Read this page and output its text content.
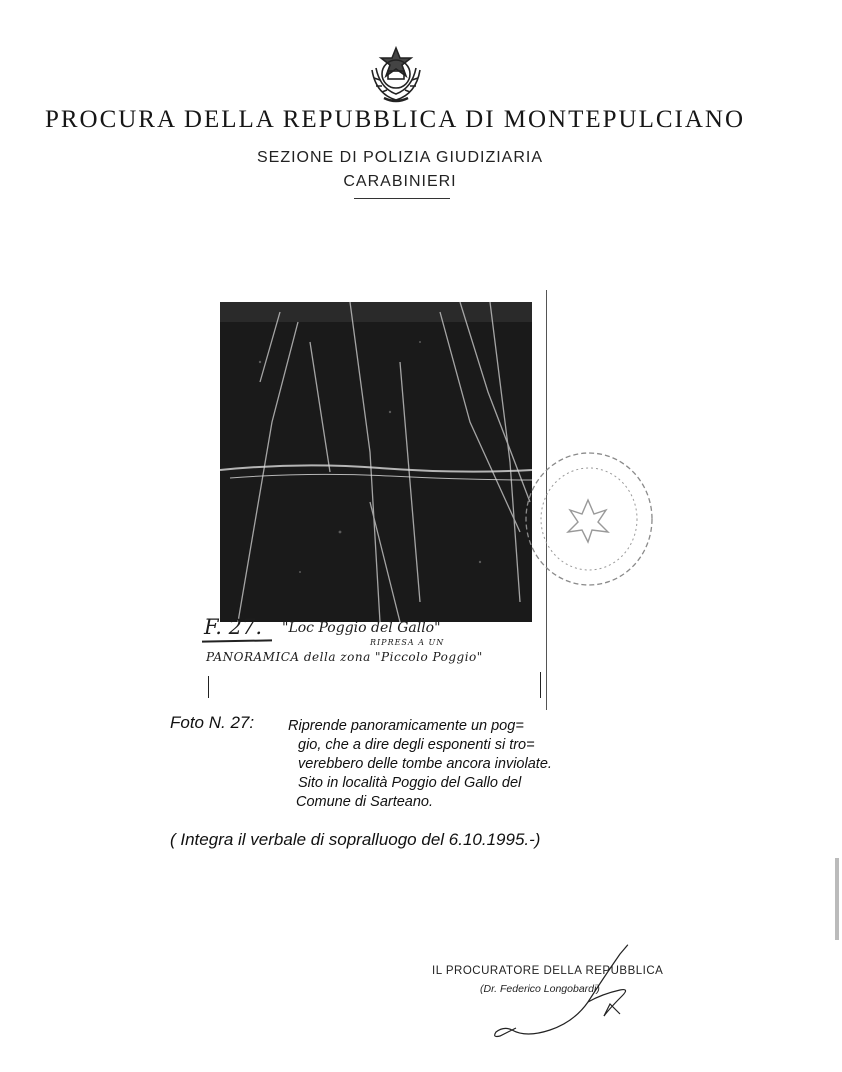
PROCURA DELLA REPUBBLICA DI MONTEPULCIANO
SEZIONE DI POLIZIA GIUDIZIARIA
CARABINIERI
F. 27. "Loc Poggio del Gallo"
RIPRESA A UN
PANORAMICA della zona "Piccolo Poggio"
Foto N. 27: Riprende panoramicamente un pog=
gio, che a dire degli esponenti si tro=
verebbero delle tombe ancora inviolate.
Sito in località Poggio del Gallo del
Comune di Sarteano.
( Integra il verbale di sopralluogo del 6.10.1995.-)
IL PROCURATORE DELLA REPUBBLICA
(Dr. Federico Longobardi)
